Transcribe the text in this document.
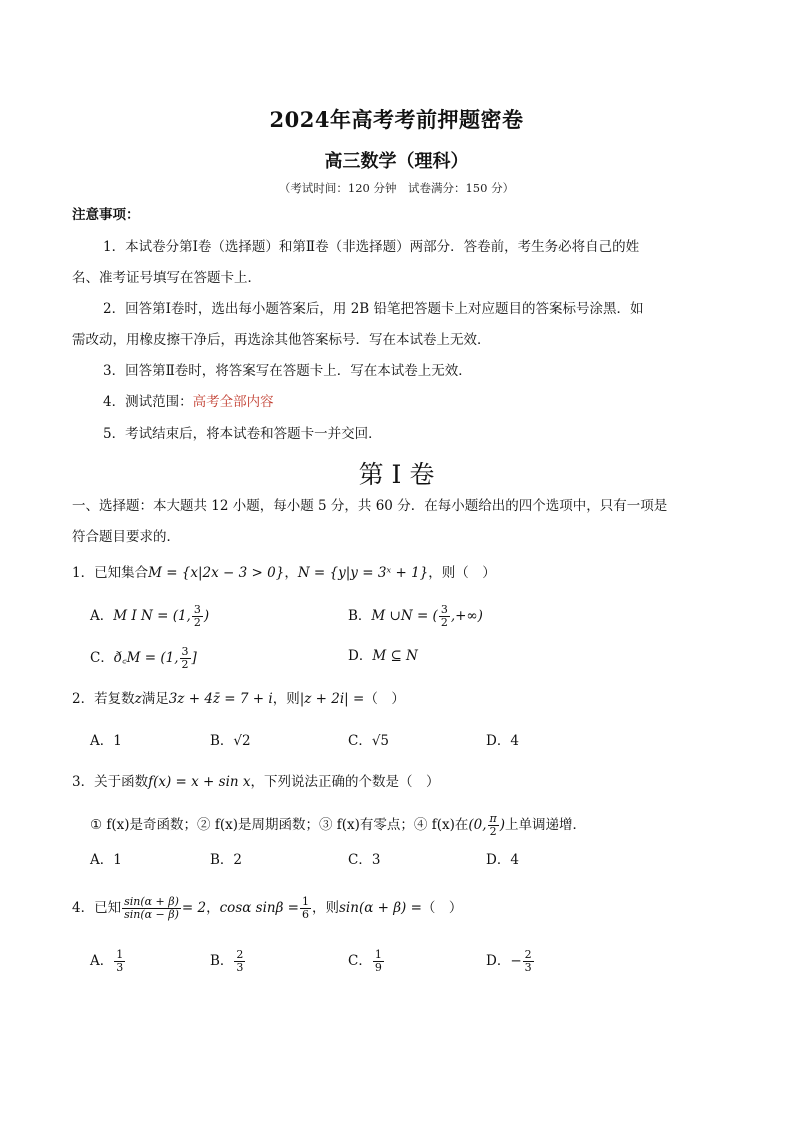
2024年高考考前押题密卷
高三数学（理科）
（考试时间：120 分钟　试卷满分：150 分）
注意事项：
1．本试卷分第Ⅰ卷（选择题）和第Ⅱ卷（非选择题）两部分．答卷前，考生务必将自己的姓
名、准考证号填写在答题卡上．
2．回答第Ⅰ卷时，选出每小题答案后，用 2B 铅笔把答题卡上对应题目的答案标号涂黑．如
需改动，用橡皮擦干净后，再选涂其他答案标号．写在本试卷上无效．
3．回答第Ⅱ卷时，将答案写在答题卡上．写在本试卷上无效．
4．测试范围：高考全部内容
5．考试结束后，将本试卷和答题卡一并交回．
第 I 卷
一、选择题：本大题共 12 小题，每小题 5 分，共 60 分．在每小题给出的四个选项中，只有一项是
符合题目要求的．
1．已知集合M = {x|2x − 3 > 0}，N = {y|y = 3ˣ + 1}，则（　）
A．M I N = (1, $\frac{3}{2}$ )	B．M ∪N = ( $\frac{3}{2}$ ,+∞)
C．ð꜀M = (1, $\frac{3}{2}$ ]	D．M ⊆ N
2．若复数z满足3z + 4z̄ = 7 + i，则|z + 2i| =（　）
A．1	B．√2	C．√5	D．4
3．关于函数f(x) = x + sin x，下列说法正确的个数是（　）
① f(x)是奇函数；② f(x)是周期函数；③ f(x)有零点；④ f(x)在(0, $\frac{\pi}{2}$ )上单调递增．
A．1	B．2	C．3	D．4
4．已知 $\frac{\sin(\alpha + \beta)}{\sin(\alpha - \beta)} = 2$，cosα $\sin\beta = \frac{1}{6}$ ，则sin(α + β) =（　）
A． $\frac{1}{3}$	B． $\frac{2}{3}$	C． $\frac{1}{9}$	D．− $\frac{2}{3}$
